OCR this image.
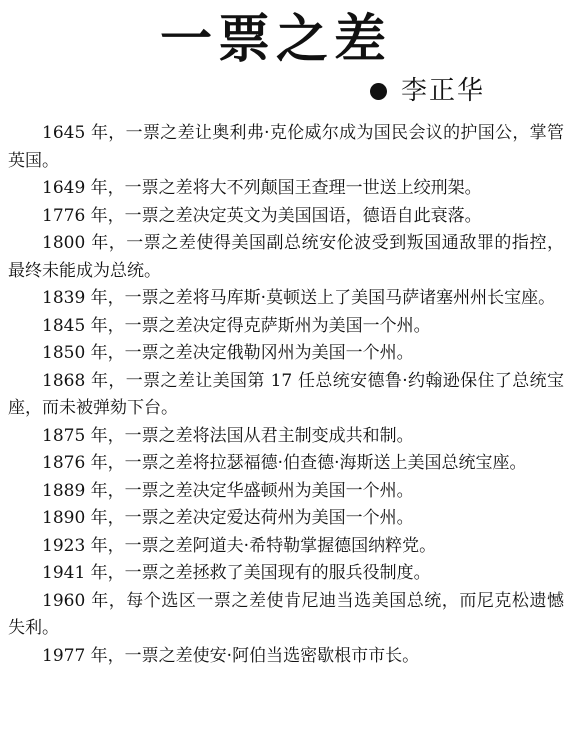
一票之差
李正华

1645 年，一票之差让奥利弗·克伦威尔成为国民会议的护国公，掌管英国。

1649 年，一票之差将大不列颠国王查理一世送上绞刑架。

1776 年，一票之差决定英文为美国国语，德语自此衰落。

1800 年，一票之差使得美国副总统安伦波受到叛国通敌罪的指控，最终未能成为总统。

1839 年，一票之差将马库斯·莫顿送上了美国马萨诸塞州州长宝座。

1845 年，一票之差决定得克萨斯州为美国一个州。

1850 年，一票之差决定俄勒冈州为美国一个州。

1868 年，一票之差让美国第 17 任总统安德鲁·约翰逊保住了总统宝座，而未被弹劾下台。

1875 年，一票之差将法国从君主制变成共和制。

1876 年，一票之差将拉瑟福德·伯查德·海斯送上美国总统宝座。

1889 年，一票之差决定华盛顿州为美国一个州。

1890 年，一票之差决定爱达荷州为美国一个州。

1923 年，一票之差阿道夫·希特勒掌握德国纳粹党。

1941 年，一票之差拯救了美国现有的服兵役制度。

1960 年，每个选区一票之差使肯尼迪当选美国总统，而尼克松遗憾失利。

1977 年，一票之差使安·阿伯当选密歇根市市长。
